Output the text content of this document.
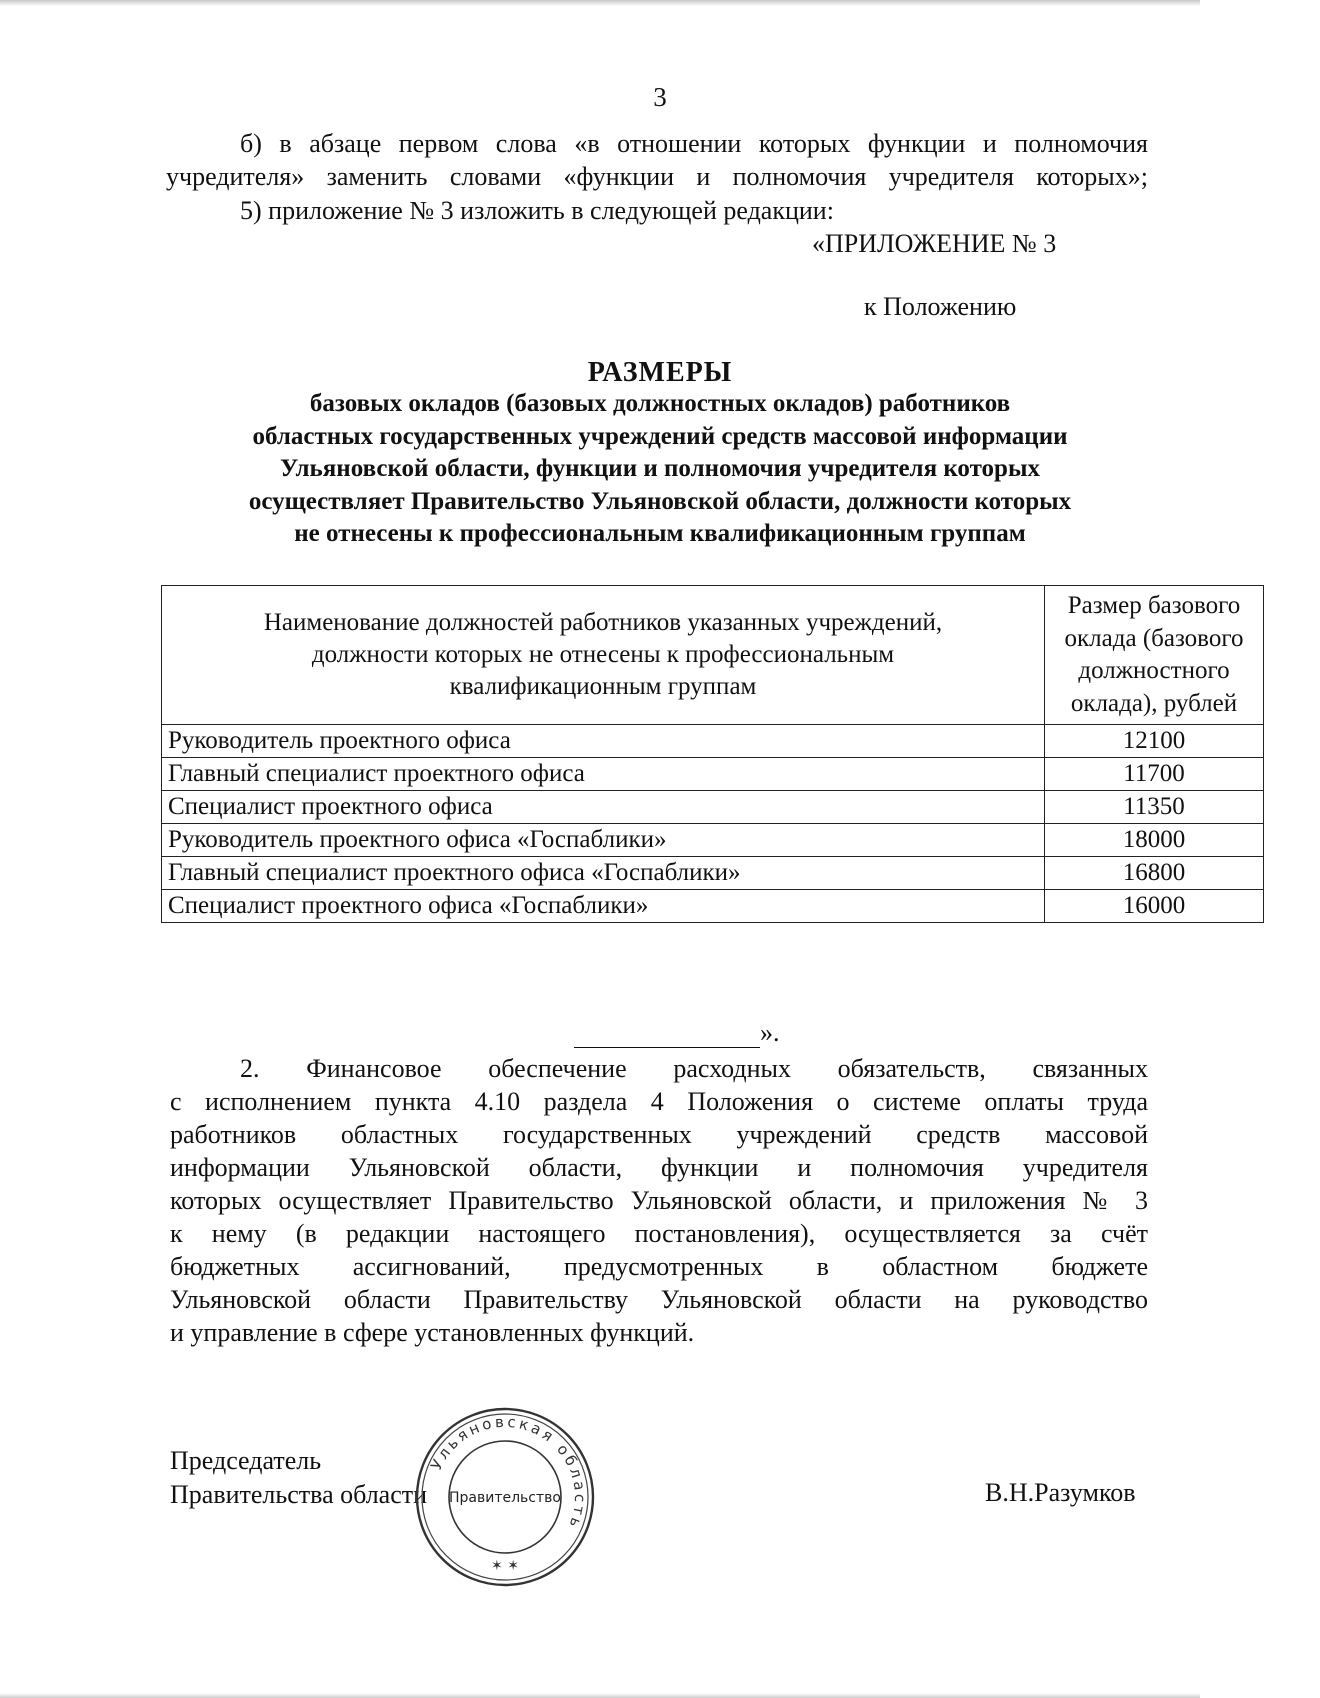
3

б) в абзаце первом слова «в отношении которых функции и полномочия

учредителя» заменить словами «функции и полномочия учредителя которых»;

5) приложение № 3 изложить в следующей редакции:

«ПРИЛОЖЕНИЕ № 3

к Положению

РАЗМЕРЫ
базовых окладов (базовых должностных окладов) работников
областных государственных учреждений средств массовой информации
Ульяновской области, функции и полномочия учредителя которых
осуществляет Правительство Ульяновской области, должности которых
не отнесены к профессиональным квалификационным группам
Наименование должностей работников указанных учреждений, должности которых не отнесены к профессиональным квалификационным группам	Размер базового оклада (базового должностного оклада), рублей
Руководитель проектного офиса	12100
Главный специалист проектного офиса	11700
Специалист проектного офиса	11350
Руководитель проектного офиса «Госпаблики»	18000
Главный специалист проектного офиса «Госпаблики»	16800
Специалист проектного офиса «Госпаблики»	16000
».

2. Финансовое обеспечение расходных обязательств, связанных

с исполнением пункта 4.10 раздела 4 Положения о системе оплаты труда

работников областных государственных учреждений средств массовой

информации Ульяновской области, функции и полномочия учредителя

которых осуществляет Правительство Ульяновской области, и приложения № 3

к нему (в редакции настоящего постановления), осуществляется за счёт

бюджетных ассигнований, предусмотренных в областном бюджете

Ульяновской области Правительству Ульяновской области на руководство

и управление в сфере установленных функций.

Председатель
Правительства области
Ульяновская область
Правительство
✶ ✶
В.Н.Разумков
